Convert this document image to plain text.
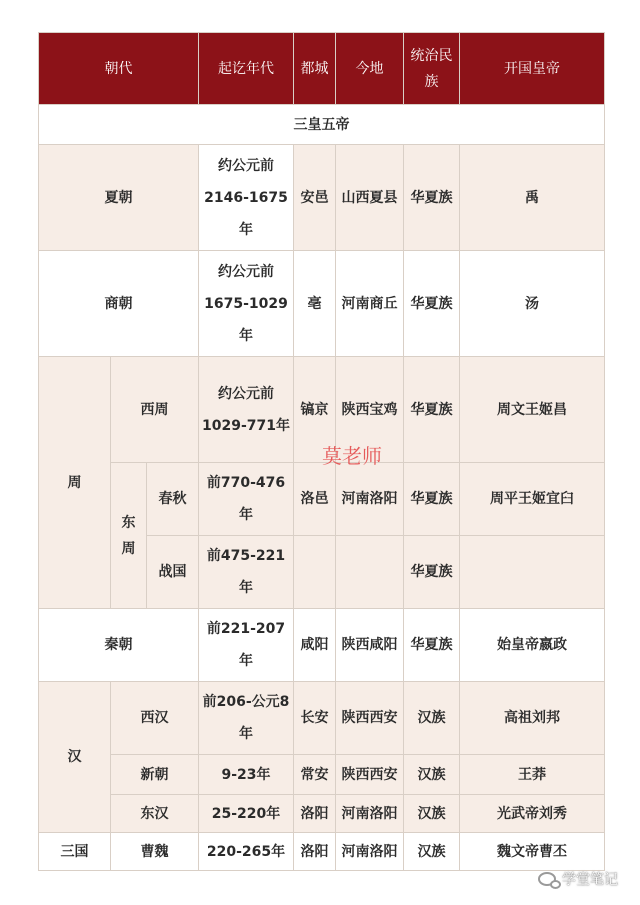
朝代			起讫年代	都城	今地	统治民族	开国皇帝
三皇五帝							
夏朝			约公元前2146-1675年	安邑	山西夏县	华夏族	禹
商朝			约公元前1675-1029年	亳	河南商丘	华夏族	汤
周	西周		约公元前1029-771年	镐京	陕西宝鸡	华夏族	周文王姬昌
	东周	春秋	前770-476年	洛邑	河南洛阳	华夏族	周平王姬宜臼
		战国	前475-221年			华夏族	
秦朝			前221-207年	咸阳	陕西咸阳	华夏族	始皇帝嬴政
汉	西汉		前206-公元8年	长安	陕西西安	汉族	高祖刘邦
	新朝		9-23年	常安	陕西西安	汉族	王莽
	东汉		25-220年	洛阳	河南洛阳	汉族	光武帝刘秀
三国	曹魏		220-265年	洛阳	河南洛阳	汉族	魏文帝曹丕
莫老师
学堂笔记
